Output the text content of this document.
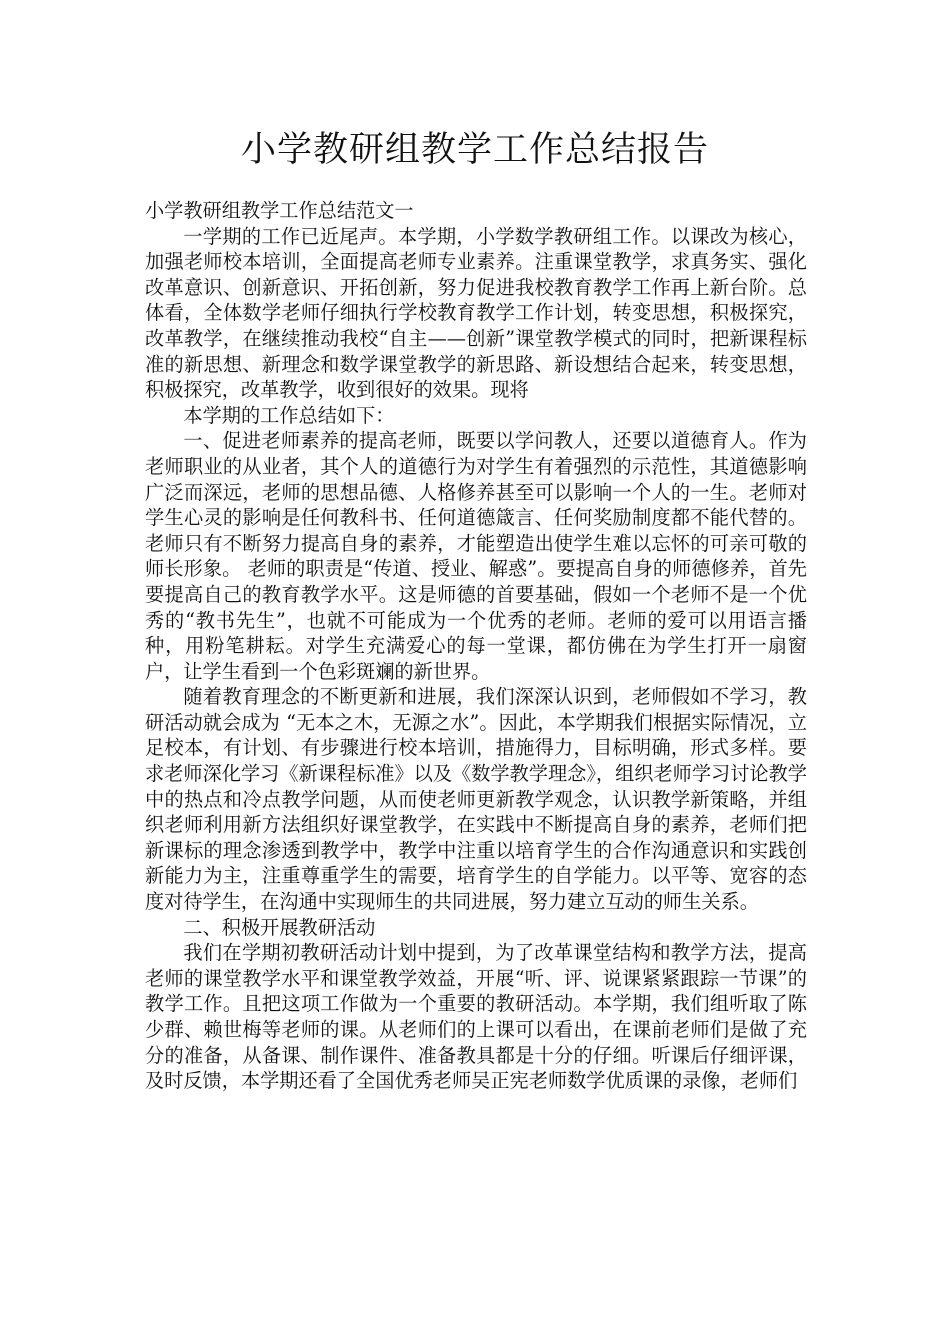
小学教研组教学工作总结报告

小学教研组教学工作总结范文一

一学期的工作已近尾声。本学期，小学数学教研组工作。以课改为核心，加强老师校本培训，全面提高老师专业素养。注重课堂教学，求真务实、强化改革意识、创新意识、开拓创新，努力促进我校教育教学工作再上新台阶。总体看，全体数学老师仔细执行学校教育教学工作计划，转变思想，积极探究，改革教学，在继续推动我校“自主——创新”课堂教学模式的同时，把新课程标准的新思想、新理念和数学课堂教学的新思路、新设想结合起来，转变思想，积极探究，改革教学，收到很好的效果。现将

本学期的工作总结如下：

一、促进老师素养的提高老师，既要以学问教人，还要以道德育人。作为老师职业的从业者，其个人的道德行为对学生有着强烈的示范性，其道德影响广泛而深远，老师的思想品德、人格修养甚至可以影响一个人的一生。老师对学生心灵的影响是任何教科书、任何道德箴言、任何奖励制度都不能代替的。老师只有不断努力提高自身的素养，才能塑造出使学生难以忘怀的可亲可敬的师长形象。 老师的职责是“传道、授业、解惑”。要提高自身的师德修养，首先要提高自己的教育教学水平。这是师德的首要基础，假如一个老师不是一个优秀的“教书先生”，也就不可能成为一个优秀的老师。老师的爱可以用语言播种，用粉笔耕耘。对学生充满爱心的每一堂课，都仿佛在为学生打开一扇窗户，让学生看到一个色彩斑斓的新世界。

随着教育理念的不断更新和进展，我们深深认识到，老师假如不学习，教研活动就会成为 “无本之木，无源之水”。因此，本学期我们根据实际情况，立足校本，有计划、有步骤进行校本培训，措施得力，目标明确，形式多样。要求老师深化学习《新课程标准》以及《数学教学理念》，组织老师学习讨论教学中的热点和冷点教学问题，从而使老师更新教学观念，认识教学新策略，并组织老师利用新方法组织好课堂教学，在实践中不断提高自身的素养，老师们把新课标的理念渗透到教学中，教学中注重以培育学生的合作沟通意识和实践创新能力为主，注重尊重学生的需要，培育学生的自学能力。以平等、宽容的态度对待学生，在沟通中实现师生的共同进展，努力建立互动的师生关系。

二、积极开展教研活动

我们在学期初教研活动计划中提到，为了改革课堂结构和教学方法，提高老师的课堂教学水平和课堂教学效益，开展“听、评、说课紧紧跟踪一节课”的教学工作。且把这项工作做为一个重要的教研活动。本学期，我们组听取了陈少群、赖世梅等老师的课。从老师们的上课可以看出，在课前老师们是做了充分的准备，从备课、制作课件、准备教具都是十分的仔细。听课后仔细评课，及时反馈，本学期还看了全国优秀老师吴正宪老师数学优质课的录像，老师们
